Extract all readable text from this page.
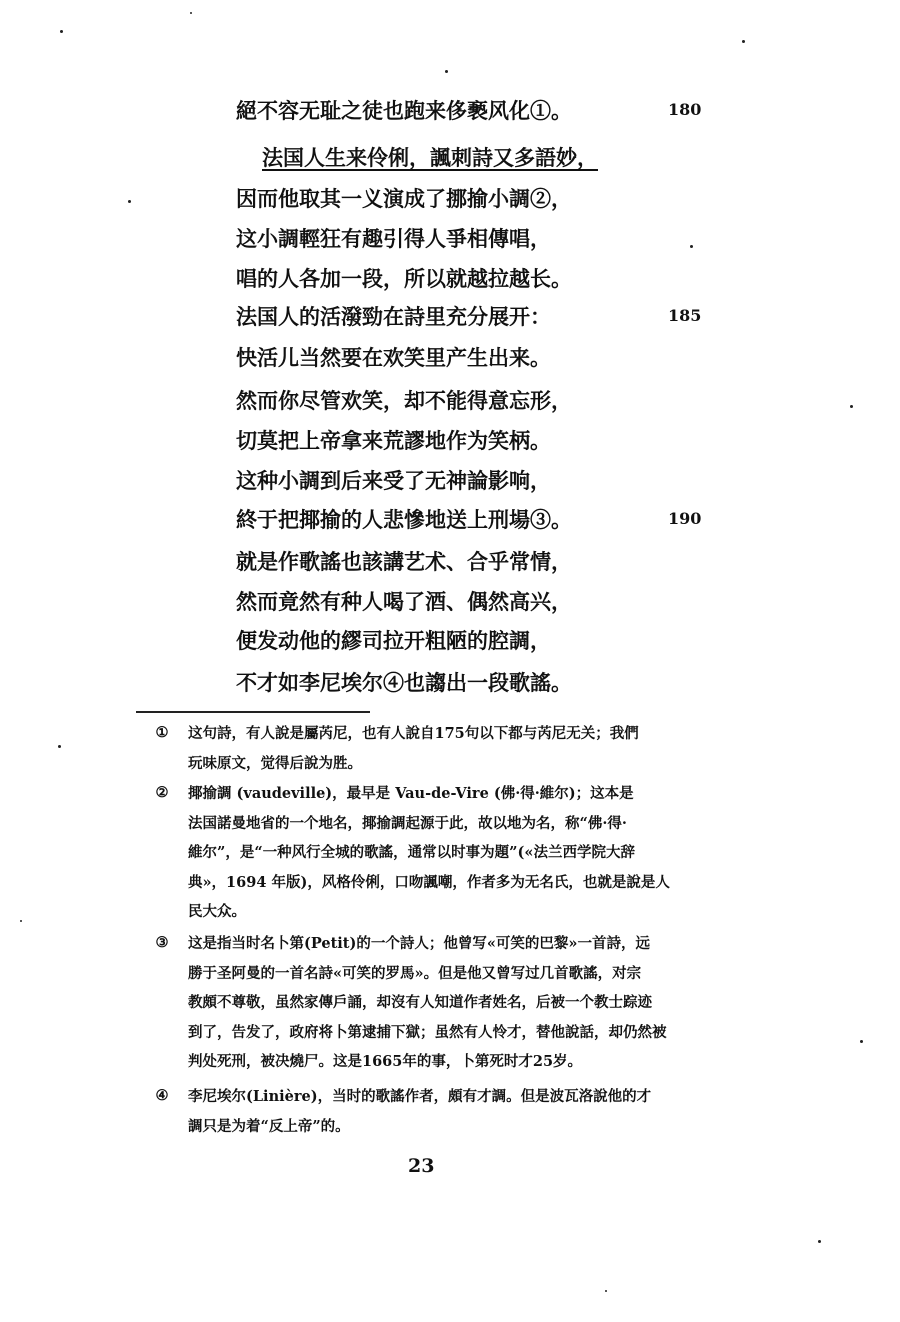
絕不容无耻之徒也跑来侈褻风化①。
法国人生来伶俐，諷刺詩又多語妙，
因而他取其一义演成了挪揄小調②，
这小調輕狂有趣引得人爭相傳唱，
唱的人各加一段，所以就越拉越长。
法国人的活潑勁在詩里充分展开：
快活儿当然要在欢笑里产生出来。
然而你尽管欢笑，却不能得意忘形，
切莫把上帝拿来荒謬地作为笑柄。
这种小調到后来受了无神論影响，
終于把揶揄的人悲慘地送上刑場③。
就是作歌謠也該講艺术、合乎常情，
然而竟然有种人喝了酒、偶然高兴，
便发动他的繆司拉开粗陋的腔調，
不才如李尼埃尔④也謅出一段歌謠。
180
185
190
① 这句詩，有人說是屬芮尼，也有人說自175句以下都与芮尼无关；我們
玩味原文，觉得后說为胜。
② 揶揄調 (vaudeville)，最早是 Vau-de-Vire (佛·得·維尔)；这本是
法国諾曼地省的一个地名，揶揄調起源于此，故以地为名，称“佛·得·
維尔”，是“一种风行全城的歌謠，通常以时事为題”(«法兰西学院大辞
典»，1694 年版)，风格伶俐，口吻諷嘲，作者多为无名氏，也就是說是人
民大众。
③ 这是指当时名卜第(Petit)的一个詩人；他曾写«可笑的巴黎»一首詩，远
勝于圣阿曼的一首名詩«可笑的罗馬»。但是他又曾写过几首歌謠，对宗
教頗不尊敬，虽然家傳戶誦，却沒有人知道作者姓名，后被一个教士踪迹
到了，告发了，政府将卜第逮捕下獄；虽然有人怜才，替他說話，却仍然被
判处死刑，被决燒尸。这是1665年的事，卜第死时才25岁。
④ 李尼埃尔(Linière)，当时的歌謠作者，頗有才調。但是波瓦洛說他的才
調只是为着“反上帝”的。
23
